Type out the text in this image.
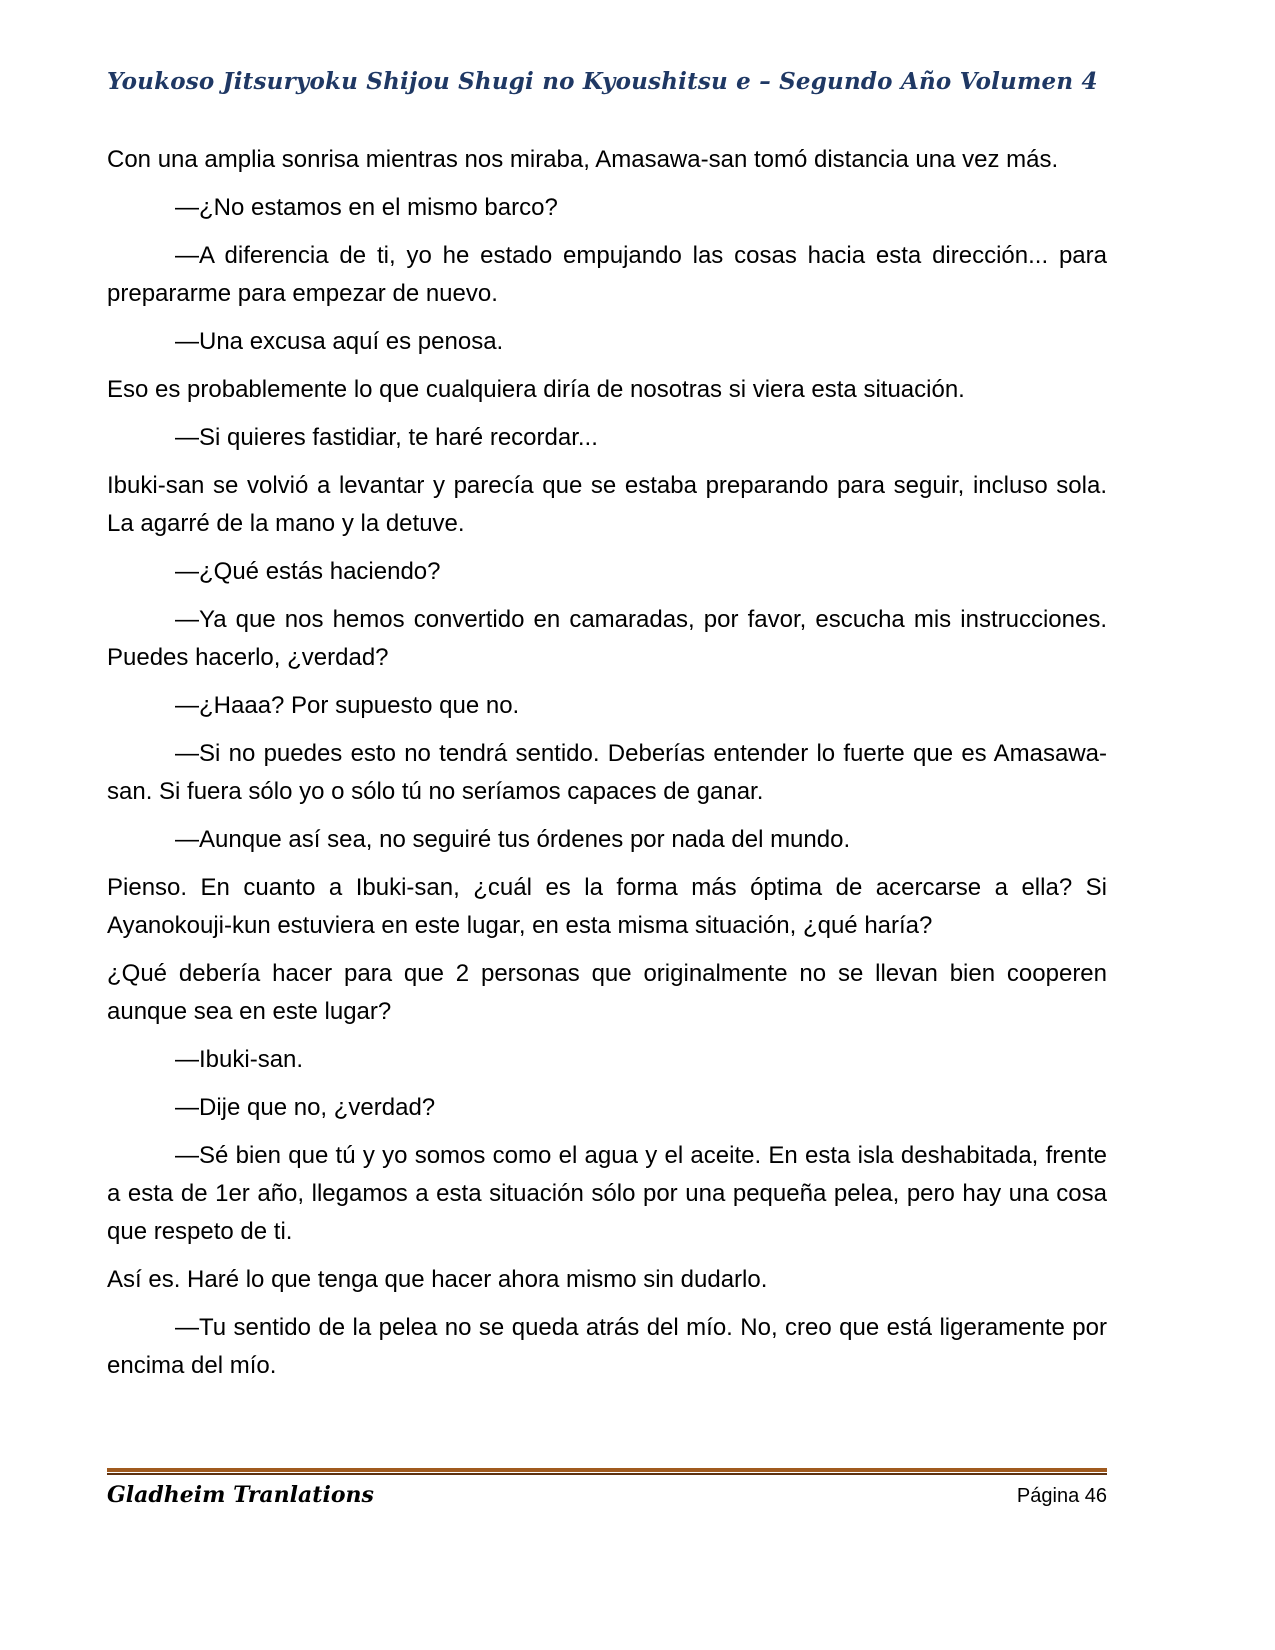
Youkoso Jitsuryoku Shijou Shugi no Kyoushitsu e – Segundo Año Volumen 4

Con una amplia sonrisa mientras nos miraba, Amasawa-san tomó distancia una vez más.

—¿No estamos en el mismo barco?

—A diferencia de ti, yo he estado empujando las cosas hacia esta dirección... para prepararme para empezar de nuevo.

—Una excusa aquí es penosa.

Eso es probablemente lo que cualquiera diría de nosotras si viera esta situación.

—Si quieres fastidiar, te haré recordar...

Ibuki-san se volvió a levantar y parecía que se estaba preparando para seguir, incluso sola. La agarré de la mano y la detuve.

—¿Qué estás haciendo?

—Ya que nos hemos convertido en camaradas, por favor, escucha mis instrucciones. Puedes hacerlo, ¿verdad?

—¿Haaa? Por supuesto que no.

—Si no puedes esto no tendrá sentido. Deberías entender lo fuerte que es Amasawa-san. Si fuera sólo yo o sólo tú no seríamos capaces de ganar.

—Aunque así sea, no seguiré tus órdenes por nada del mundo.

Pienso. En cuanto a Ibuki-san, ¿cuál es la forma más óptima de acercarse a ella? Si Ayanokouji-kun estuviera en este lugar, en esta misma situación, ¿qué haría?

¿Qué debería hacer para que 2 personas que originalmente no se llevan bien cooperen aunque sea en este lugar?

—Ibuki-san.

—Dije que no, ¿verdad?

—Sé bien que tú y yo somos como el agua y el aceite. En esta isla deshabitada, frente a esta de 1er año, llegamos a esta situación sólo por una pequeña pelea, pero hay una cosa que respeto de ti.

Así es. Haré lo que tenga que hacer ahora mismo sin dudarlo.

—Tu sentido de la pelea no se queda atrás del mío. No, creo que está ligeramente por encima del mío.

Gladheim Tranlations	Página 46
